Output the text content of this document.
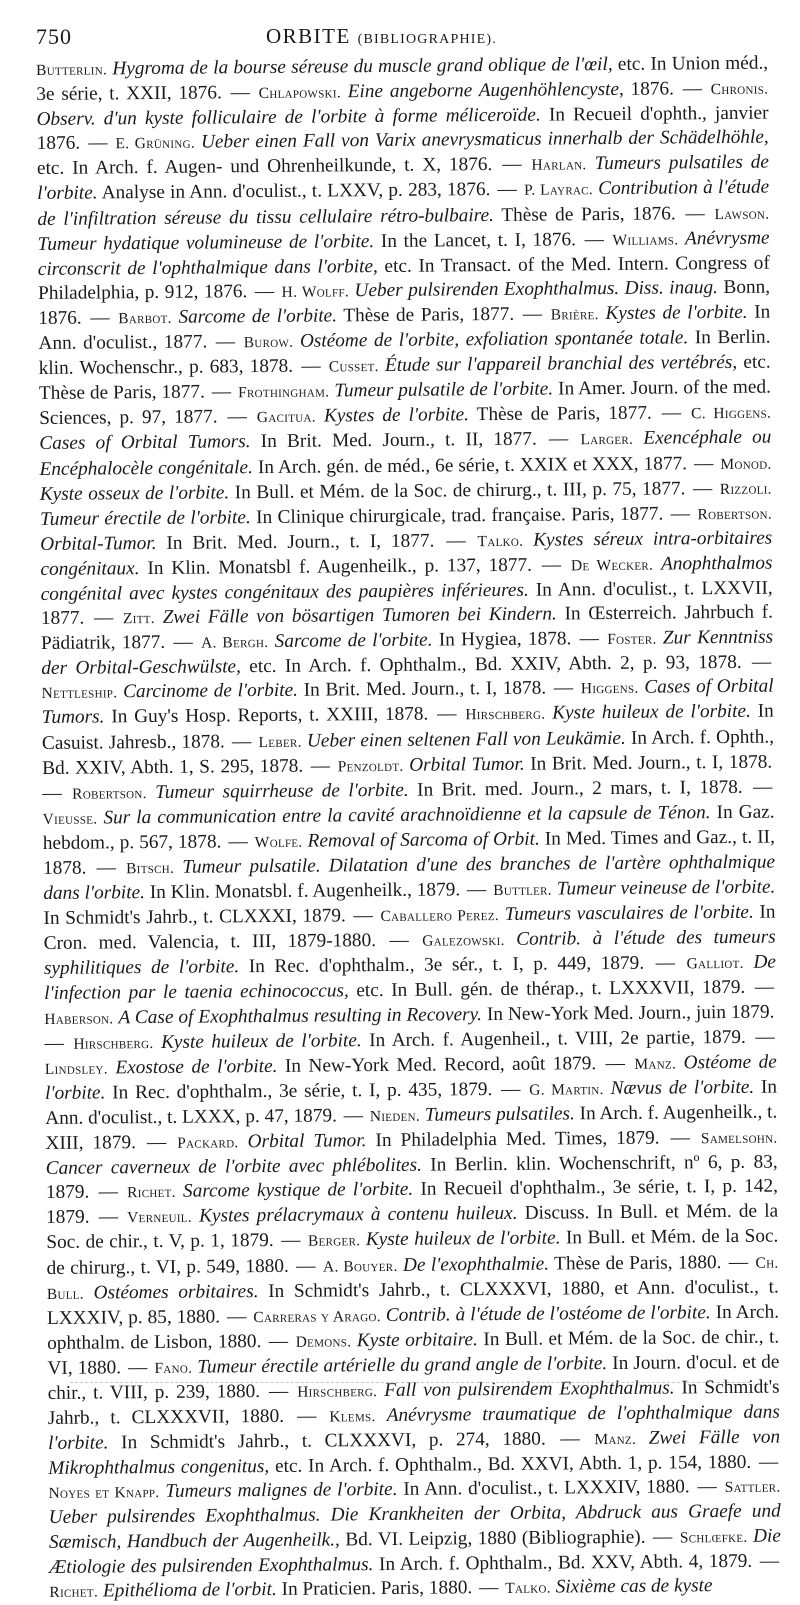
750	ORBITE (BIBLIOGRAPHIE).
Butterlin. Hygroma de la bourse séreuse du muscle grand oblique de l'œil, etc. In Union méd., 3e série, t. XXII, 1876. — Chlapowski. Eine angeborne Augenhöhlencyste, 1876. — Chronis. Observ. d'un kyste folliculaire de l'orbite à forme méliceroïde. In Recueil d'ophth., janvier 1876. — E. Grüning. Ueber einen Fall von Varix anevrysmaticus innerhalb der Schädelhöhle, etc. In Arch. f. Augen- und Ohrenheilkunde, t. X, 1876. — Harlan. Tumeurs pulsatiles de l'orbite. Analyse in Ann. d'oculist., t. LXXV, p. 283, 1876. — P. Layrac. Contribution à l'étude de l'infiltration séreuse du tissu cellulaire rétro-bulbaire. Thèse de Paris, 1876. — Lawson. Tumeur hydatique volumineuse de l'orbite. In the Lancet, t. I, 1876. — Williams. Anévrysme circonscrit de l'ophthalmique dans l'orbite, etc. In Transact. of the Med. Intern. Congress of Philadelphia, p. 912, 1876. — H. Wolff. Ueber pulsirenden Exophthalmus. Diss. inaug. Bonn, 1876. — Barbot. Sarcome de l'orbite. Thèse de Paris, 1877. — Brière. Kystes de l'orbite. In Ann. d'oculist., 1877. — Burow. Ostéome de l'orbite, exfoliation spontanée totale. In Berlin. klin. Wochenschr., p. 683, 1878. — Cusset. Étude sur l'appareil branchial des vertébrés, etc. Thèse de Paris, 1877. — Frothingham. Tumeur pulsatile de l'orbite. In Amer. Journ. of the med. Sciences, p. 97, 1877. — Gacitua. Kystes de l'orbite. Thèse de Paris, 1877. — C. Higgens. Cases of Orbital Tumors. In Brit. Med. Journ., t. II, 1877. — Larger. Exencéphale ou Encéphalocèle congénitale. In Arch. gén. de méd., 6e série, t. XXIX et XXX, 1877. — Monod. Kyste osseux de l'orbite. In Bull. et Mém. de la Soc. de chirurg., t. III, p. 75, 1877. — Rizzoli. Tumeur érectile de l'orbite. In Clinique chirurgicale, trad. française. Paris, 1877. — Robertson. Orbital-Tumor. In Brit. Med. Journ., t. I, 1877. — Talko. Kystes séreux intra-orbitaires congénitaux. In Klin. Monatsbl f. Augenheilk., p. 137, 1877. — De Wecker. Anophthalmos congénital avec kystes congénitaux des paupières inférieures. In Ann. d'oculist., t. LXXVII, 1877. — Zitt. Zwei Fälle von bösartigen Tumoren bei Kindern. In Œsterreich. Jahrbuch f. Pädiatrik, 1877. — A. Bergh. Sarcome de l'orbite. In Hygiea, 1878. — Foster. Zur Kenntniss der Orbital-Geschwülste, etc. In Arch. f. Ophthalm., Bd. XXIV, Abth. 2, p. 93, 1878. — Nettleship. Carcinome de l'orbite. In Brit. Med. Journ., t. I, 1878. — Higgens. Cases of Orbital Tumors. In Guy's Hosp. Reports, t. XXIII, 1878. — Hirschberg. Kyste huileux de l'orbite. In Casuist. Jahresb., 1878. — Leber. Ueber einen seltenen Fall von Leukämie. In Arch. f. Ophth., Bd. XXIV, Abth. 1, S. 295, 1878. — Penzoldt. Orbital Tumor. In Brit. Med. Journ., t. I, 1878. — Robertson. Tumeur squirrheuse de l'orbite. In Brit. med. Journ., 2 mars, t. I, 1878. — Vieusse. Sur la communication entre la cavité arachnoïdienne et la capsule de Ténon. In Gaz. hebdom., p. 567, 1878. — Wolfe. Removal of Sarcoma of Orbit. In Med. Times and Gaz., t. II, 1878. — Bitsch. Tumeur pulsatile. Dilatation d'une des branches de l'artère ophthalmique dans l'orbite. In Klin. Monatsbl. f. Augenheilk., 1879. — Buttler. Tumeur veineuse de l'orbite. In Schmidt's Jahrb., t. CLXXXI, 1879. — Caballero Perez. Tumeurs vasculaires de l'orbite. In Cron. med. Valencia, t. III, 1879-1880. — Galezowski. Contrib. à l'étude des tumeurs syphilitiques de l'orbite. In Rec. d'ophthalm., 3e sér., t. I, p. 449, 1879. — Galliot. De l'infection par le taenia echinococcus, etc. In Bull. gén. de thérap., t. LXXXVII, 1879. — Haberson. A Case of Exophthalmus resulting in Recovery. In New-York Med. Journ., juin 1879. — Hirschberg. Kyste huileux de l'orbite. In Arch. f. Augenheil., t. VIII, 2e partie, 1879. — Lindsley. Exostose de l'orbite. In New-York Med. Record, août 1879. — Manz. Ostéome de l'orbite. In Rec. d'ophthalm., 3e série, t. I, p. 435, 1879. — G. Martin. Nævus de l'orbite. In Ann. d'oculist., t. LXXX, p. 47, 1879. — Nieden. Tumeurs pulsatiles. In Arch. f. Augenheilk., t. XIII, 1879. — Packard. Orbital Tumor. In Philadelphia Med. Times, 1879. — Samelsohn. Cancer caverneux de l'orbite avec phlébolites. In Berlin. klin. Wochenschrift, nº 6, p. 83, 1879. — Richet. Sarcome kystique de l'orbite. In Recueil d'ophthalm., 3e série, t. I, p. 142, 1879. — Verneuil. Kystes prélacrymaux à contenu huileux. Discuss. In Bull. et Mém. de la Soc. de chir., t. V, p. 1, 1879. — Berger. Kyste huileux de l'orbite. In Bull. et Mém. de la Soc. de chirurg., t. VI, p. 549, 1880. — A. Bouyer. De l'exophthalmie. Thèse de Paris, 1880. — Ch. Bull. Ostéomes orbitaires. In Schmidt's Jahrb., t. CLXXXVI, 1880, et Ann. d'oculist., t. LXXXIV, p. 85, 1880. — Carreras y Arago. Contrib. à l'étude de l'ostéome de l'orbite. In Arch. ophthalm. de Lisbon, 1880. — Demons. Kyste orbitaire. In Bull. et Mém. de la Soc. de chir., t. VI, 1880. — Fano. Tumeur érectile artérielle du grand angle de l'orbite. In Journ. d'ocul. et de chir., t. VIII, p. 239, 1880. — Hirschberg. Fall von pulsirendem Exophthalmus. In Schmidt's Jahrb., t. CLXXXVII, 1880. — Klems. Anévrysme traumatique de l'ophthalmique dans l'orbite. In Schmidt's Jahrb., t. CLXXXVI, p. 274, 1880. — Manz. Zwei Fälle von Mikrophthalmus congenitus, etc. In Arch. f. Ophthalm., Bd. XXVI, Abth. 1, p. 154, 1880. — Noyes et Knapp. Tumeurs malignes de l'orbite. In Ann. d'oculist., t. LXXXIV, 1880. — Sattler. Ueber pulsirendes Exophthalmus. Die Krankheiten der Orbita, Abdruck aus Graefe und Sæmisch, Handbuch der Augenheilk., Bd. VI. Leipzig, 1880 (Bibliographie). — Schlœfke. Die Ætiologie des pulsirenden Exophthalmus. In Arch. f. Ophthalm., Bd. XXV, Abth. 4, 1879. — Richet. Epithélioma de l'orbit. In Praticien. Paris, 1880. — Talko. Sixième cas de kyste
